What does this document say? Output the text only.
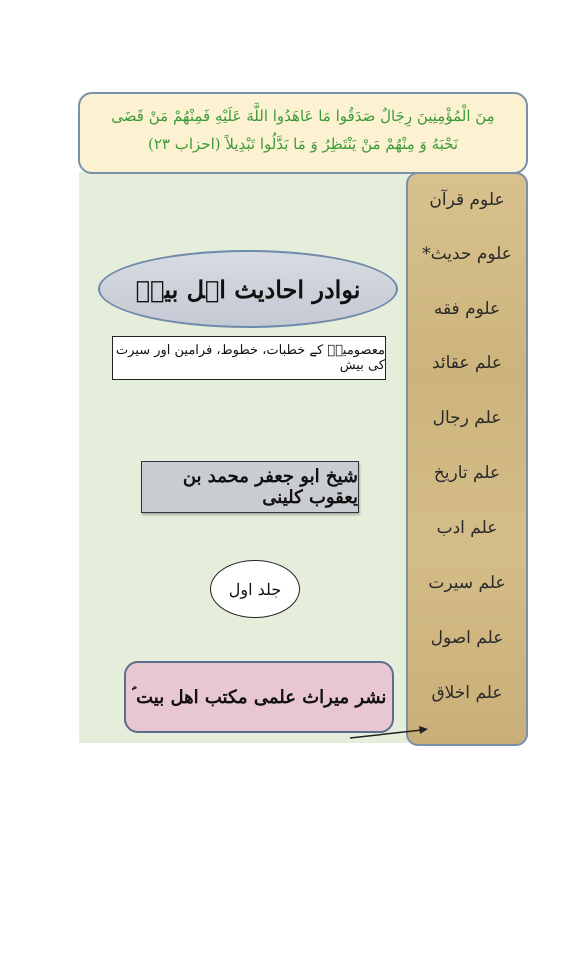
مِنَ الْمُؤْمِنِينَ رِجَالٌ صَدَقُوا مَا عَاهَدُوا اللَّهَ عَلَيْهِ فَمِنْهُمْ مَنْ قَضَى
نَحْبَهُ وَ مِنْهُمْ مَنْ يَنْتَظِرُ وَ مَا بَدَّلُوا تَبْدِيلاً (احزاب ۲۳)
علوم قرآن
علوم حدیث*
علوم فقه
علم عقائد
علم رجال
علم تاریخ
علم ادب
علم سیرت
علم اصول
علم اخلاق
نوادر احادیث اہل بیتؑ
معصومینؑ کے خطبات، خطوط، فرامین اور سیرت کی بیش
شیخ ابو جعفر محمد بن یعقوب کلینی
جلد اول
نشر میراث علمی مکتب اهل بیت ؑ
